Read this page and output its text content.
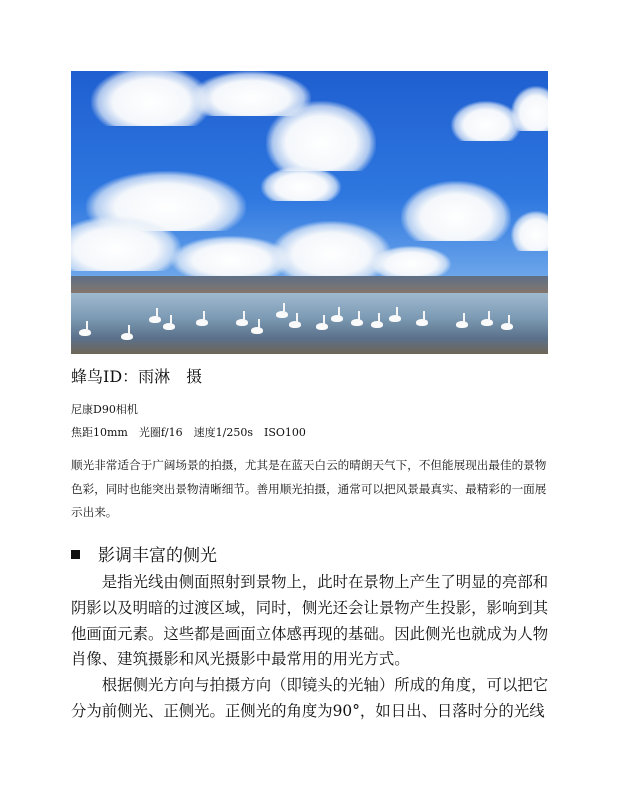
蜂鸟ID：雨淋　摄
尼康D90相机
焦距10mm　光圈f/16　速度1/250s　ISO100
顺光非常适合于广阔场景的拍摄，尤其是在蓝天白云的晴朗天气下，不但能展现出最佳的景物
色彩，同时也能突出景物清晰细节。善用顺光拍摄，通常可以把风景最真实、最精彩的一面展
示出来。
影调丰富的侧光
　　是指光线由侧面照射到景物上，此时在景物上产生了明显的亮部和
阴影以及明暗的过渡区域，同时，侧光还会让景物产生投影，影响到其
他画面元素。这些都是画面立体感再现的基础。因此侧光也就成为人物
肖像、建筑摄影和风光摄影中最常用的用光方式。
　　根据侧光方向与拍摄方向（即镜头的光轴）所成的角度，可以把它
分为前侧光、正侧光。正侧光的角度为90°，如日出、日落时分的光线
